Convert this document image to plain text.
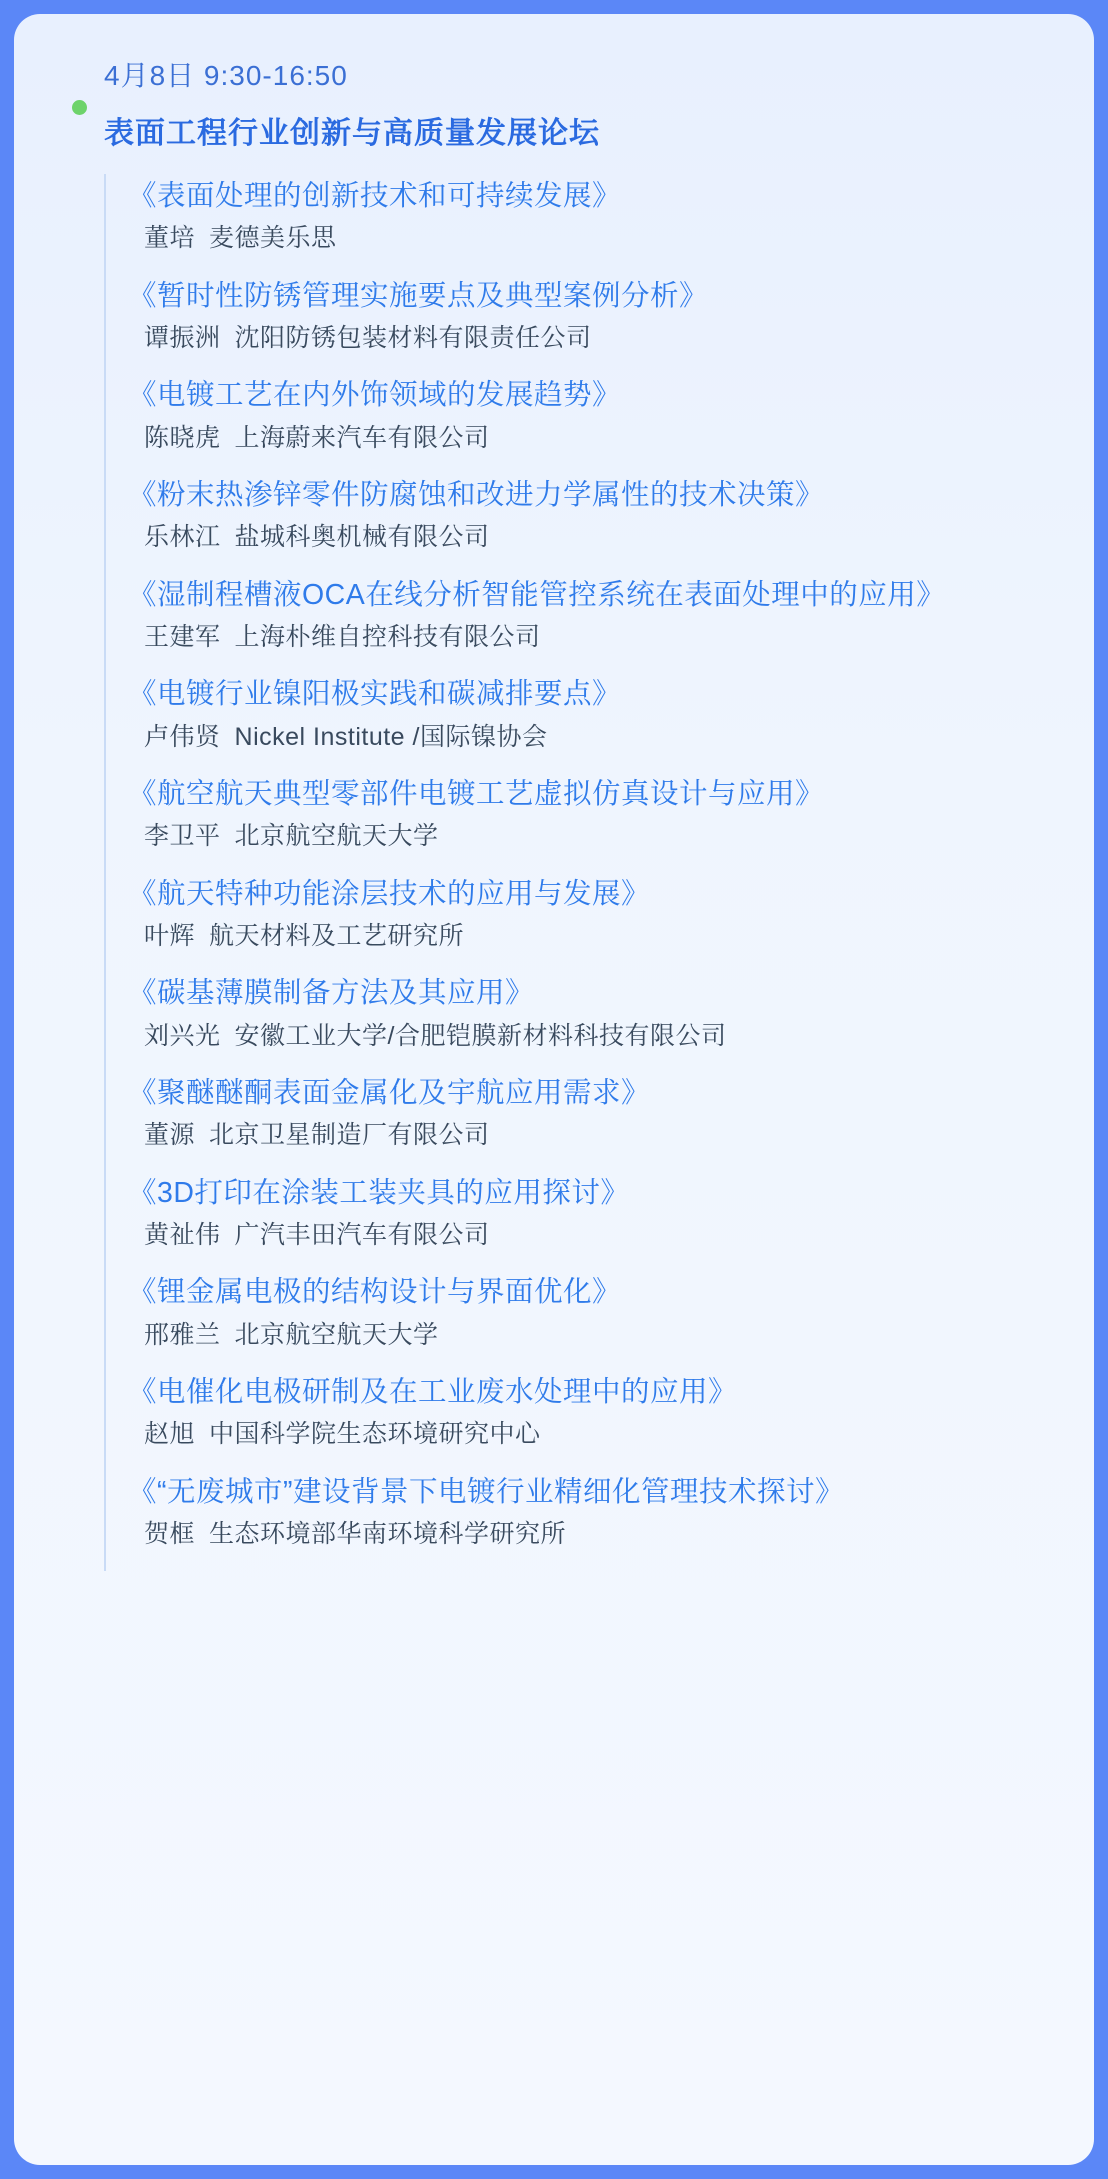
4月8日 9:30-16:50
表面工程行业创新与高质量发展论坛
《表面处理的创新技术和可持续发展》
董培 麦德美乐思
《暂时性防锈管理实施要点及典型案例分析》
谭振洲 沈阳防锈包装材料有限责任公司
《电镀工艺在内外饰领域的发展趋势》
陈晓虎 上海蔚来汽车有限公司
《粉末热渗锌零件防腐蚀和改进力学属性的技术决策》
乐林江 盐城科奥机械有限公司
《湿制程槽液OCA在线分析智能管控系统在表面处理中的应用》
王建军 上海朴维自控科技有限公司
《电镀行业镍阳极实践和碳减排要点》
卢伟贤 Nickel Institute /国际镍协会
《航空航天典型零部件电镀工艺虚拟仿真设计与应用》
李卫平 北京航空航天大学
《航天特种功能涂层技术的应用与发展》
叶辉 航天材料及工艺研究所
《碳基薄膜制备方法及其应用》
刘兴光 安徽工业大学/合肥铠膜新材料科技有限公司
《聚醚醚酮表面金属化及宇航应用需求》
董源 北京卫星制造厂有限公司
《3D打印在涂装工装夹具的应用探讨》
黄祉伟 广汽丰田汽车有限公司
《锂金属电极的结构设计与界面优化》
邢雅兰 北京航空航天大学
《电催化电极研制及在工业废水处理中的应用》
赵旭 中国科学院生态环境研究中心
《“无废城市”建设背景下电镀行业精细化管理技术探讨》
贺框 生态环境部华南环境科学研究所
